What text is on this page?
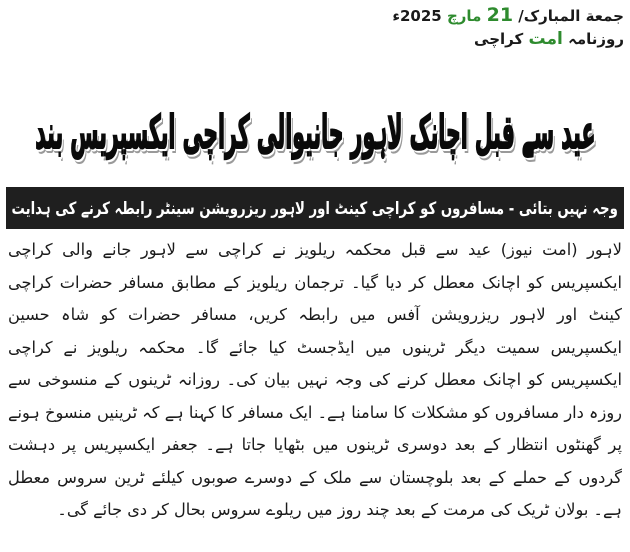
جمعة المبارک/ 21 مارچ 2025ء
روزنامہ امت کراچی
عید سے قبل اچانک لاہور جانیوالی کراچی ایکسپریس بند
وجہ نہیں بتائی - مسافروں کو کراچی کینٹ اور لاہور ریزرویشن سینٹر رابطہ کرنے کی ہدایت

لاہور (امت نیوز) عید سے قبل محکمہ ریلویز نے کراچی سے لاہور جانے والی کراچی ایکسپریس کو اچانک معطل کر دیا گیا۔ ترجمان ریلویز کے مطابق مسافر حضرات کراچی کینٹ اور لاہور ریزرویشن آفس میں رابطہ کریں، مسافر حضرات کو شاہ حسین ایکسپریس سمیت دیگر ٹرینوں میں ایڈجسٹ کیا جائے گا۔ محکمہ ریلویز نے کراچی ایکسپریس کو اچانک معطل کرنے کی وجہ نہیں بیان کی۔ روزانہ ٹرینوں کے منسوخی سے روزہ دار مسافروں کو مشکلات کا سامنا ہے۔ ایک مسافر کا کہنا ہے کہ ٹرینیں منسوخ ہونے پر گھنٹوں انتظار کے بعد دوسری ٹرینوں میں بٹھایا جاتا ہے۔ جعفر ایکسپریس پر دہشت گردوں کے حملے کے بعد بلوچستان سے ملک کے دوسرے صوبوں کیلئے ٹرین سروس معطل ہے۔ بولان ٹریک کی مرمت کے بعد چند روز میں ریلوے سروس بحال کر دی جائے گی۔
